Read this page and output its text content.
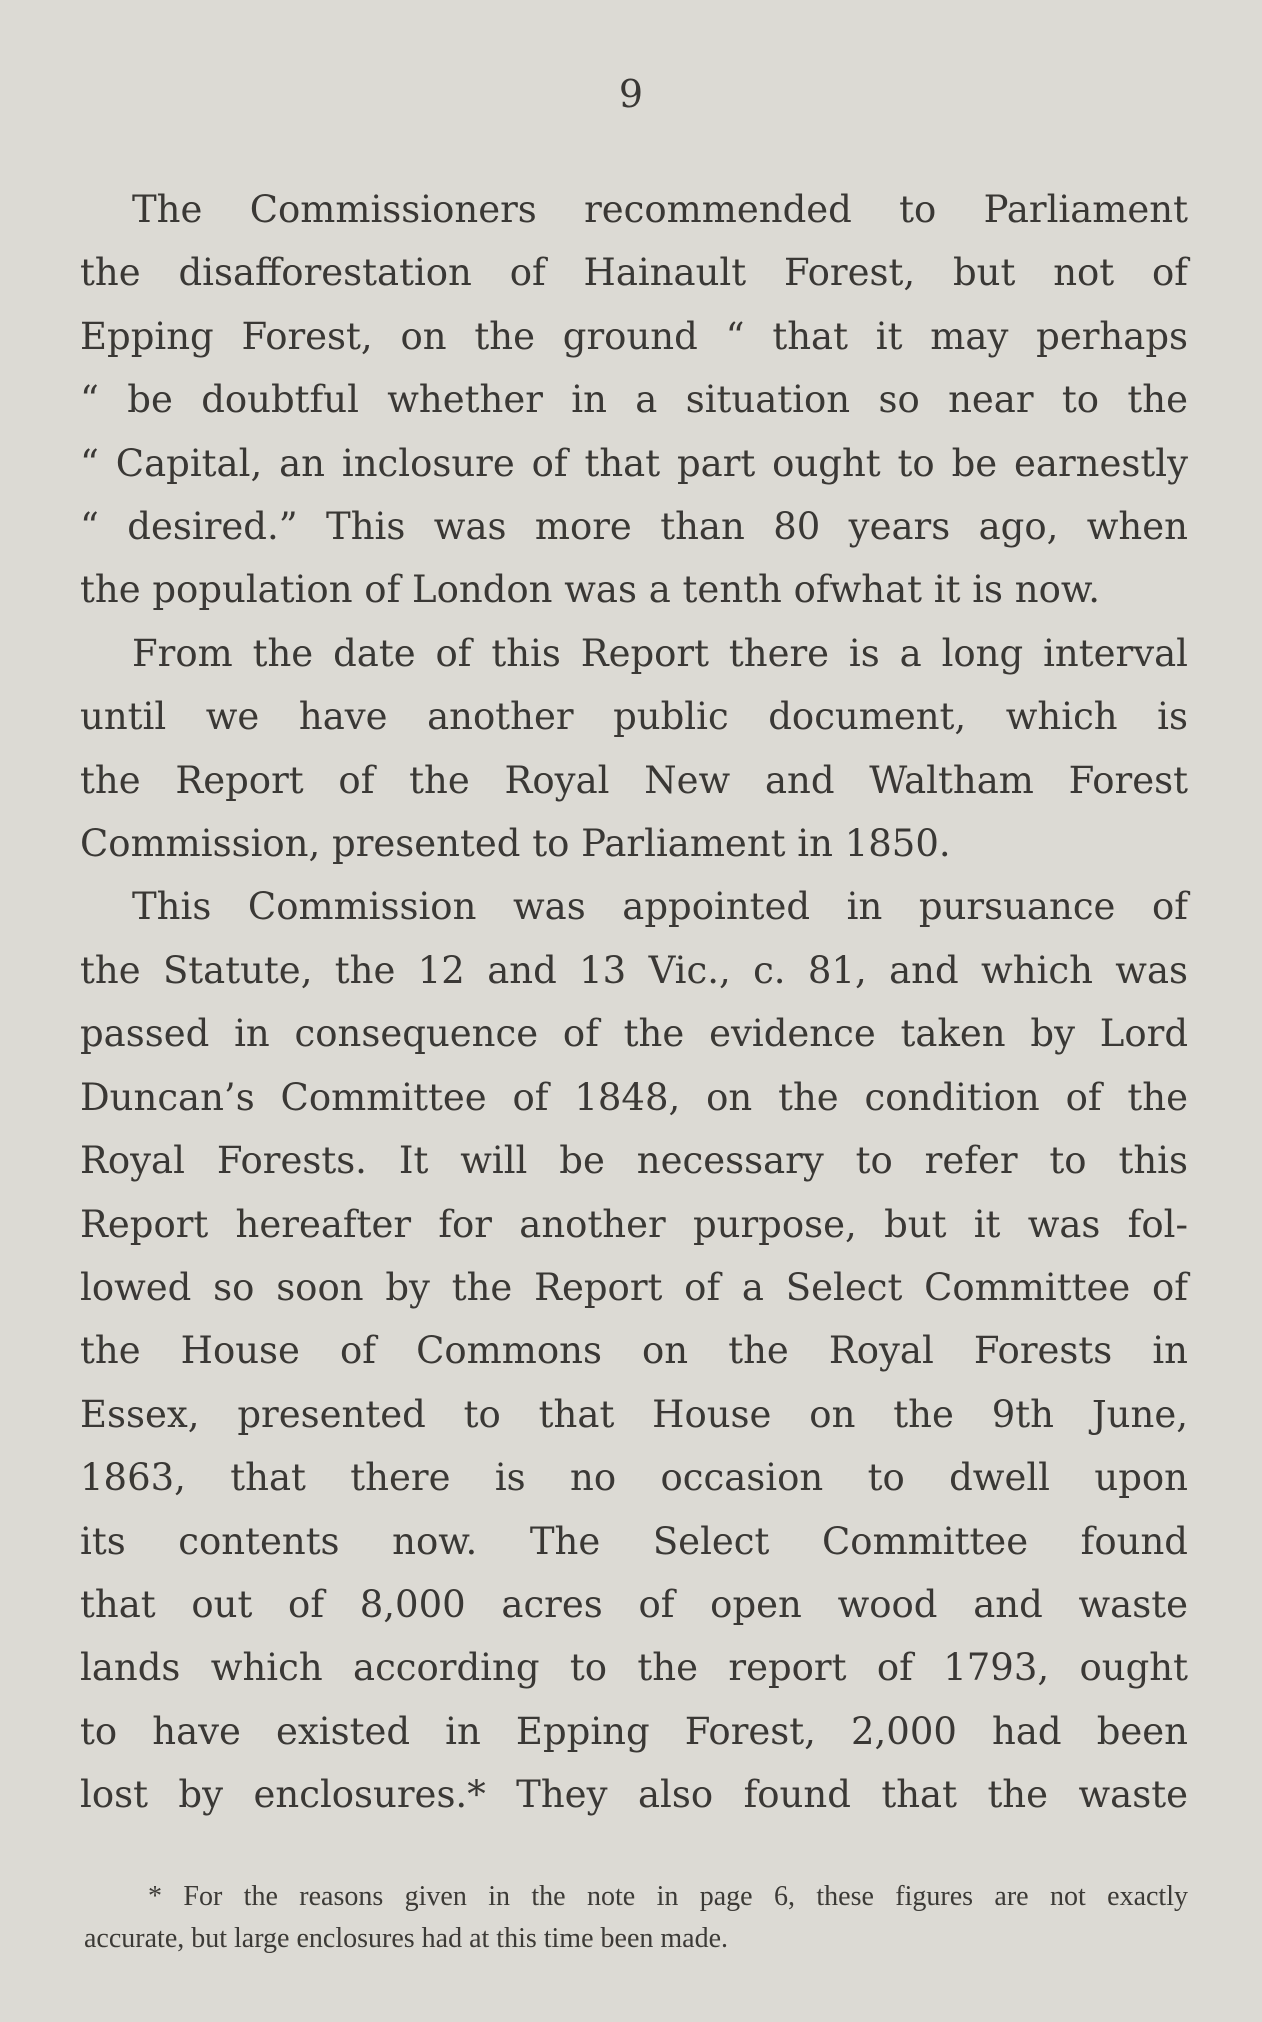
9

The Commissioners recommended to Parliament
the disafforestation of Hainault Forest, but not of
Epping Forest, on the ground “ that it may perhaps
“ be doubtful whether in a situation so near to the
“ Capital, an inclosure of that part ought to be earnestly
“ desired.” This was more than 80 years ago, when
the population of London was a tenth ofwhat it is now.

From the date of this Report there is a long interval
until we have another public document, which is
the Report of the Royal New and Waltham Forest
Commission, presented to Parliament in 1850.

This Commission was appointed in pursuance of
the Statute, the 12 and 13 Vic., c. 81, and which was
passed in consequence of the evidence taken by Lord
Duncan’s Committee of 1848, on the condition of the
Royal Forests. It will be necessary to refer to this
Report hereafter for another purpose, but it was fol-
lowed so soon by the Report of a Select Committee of
the House of Commons on the Royal Forests in
Essex, presented to that House on the 9th June,
1863, that there is no occasion to dwell upon
its contents now. The Select Committee found
that out of 8,000 acres of open wood and waste
lands which according to the report of 1793, ought
to have existed in Epping Forest, 2,000 had been
lost by enclosures.* They also found that the waste

* For the reasons given in the note in page 6, these figures are not exactly
accurate, but large enclosures had at this time been made.
